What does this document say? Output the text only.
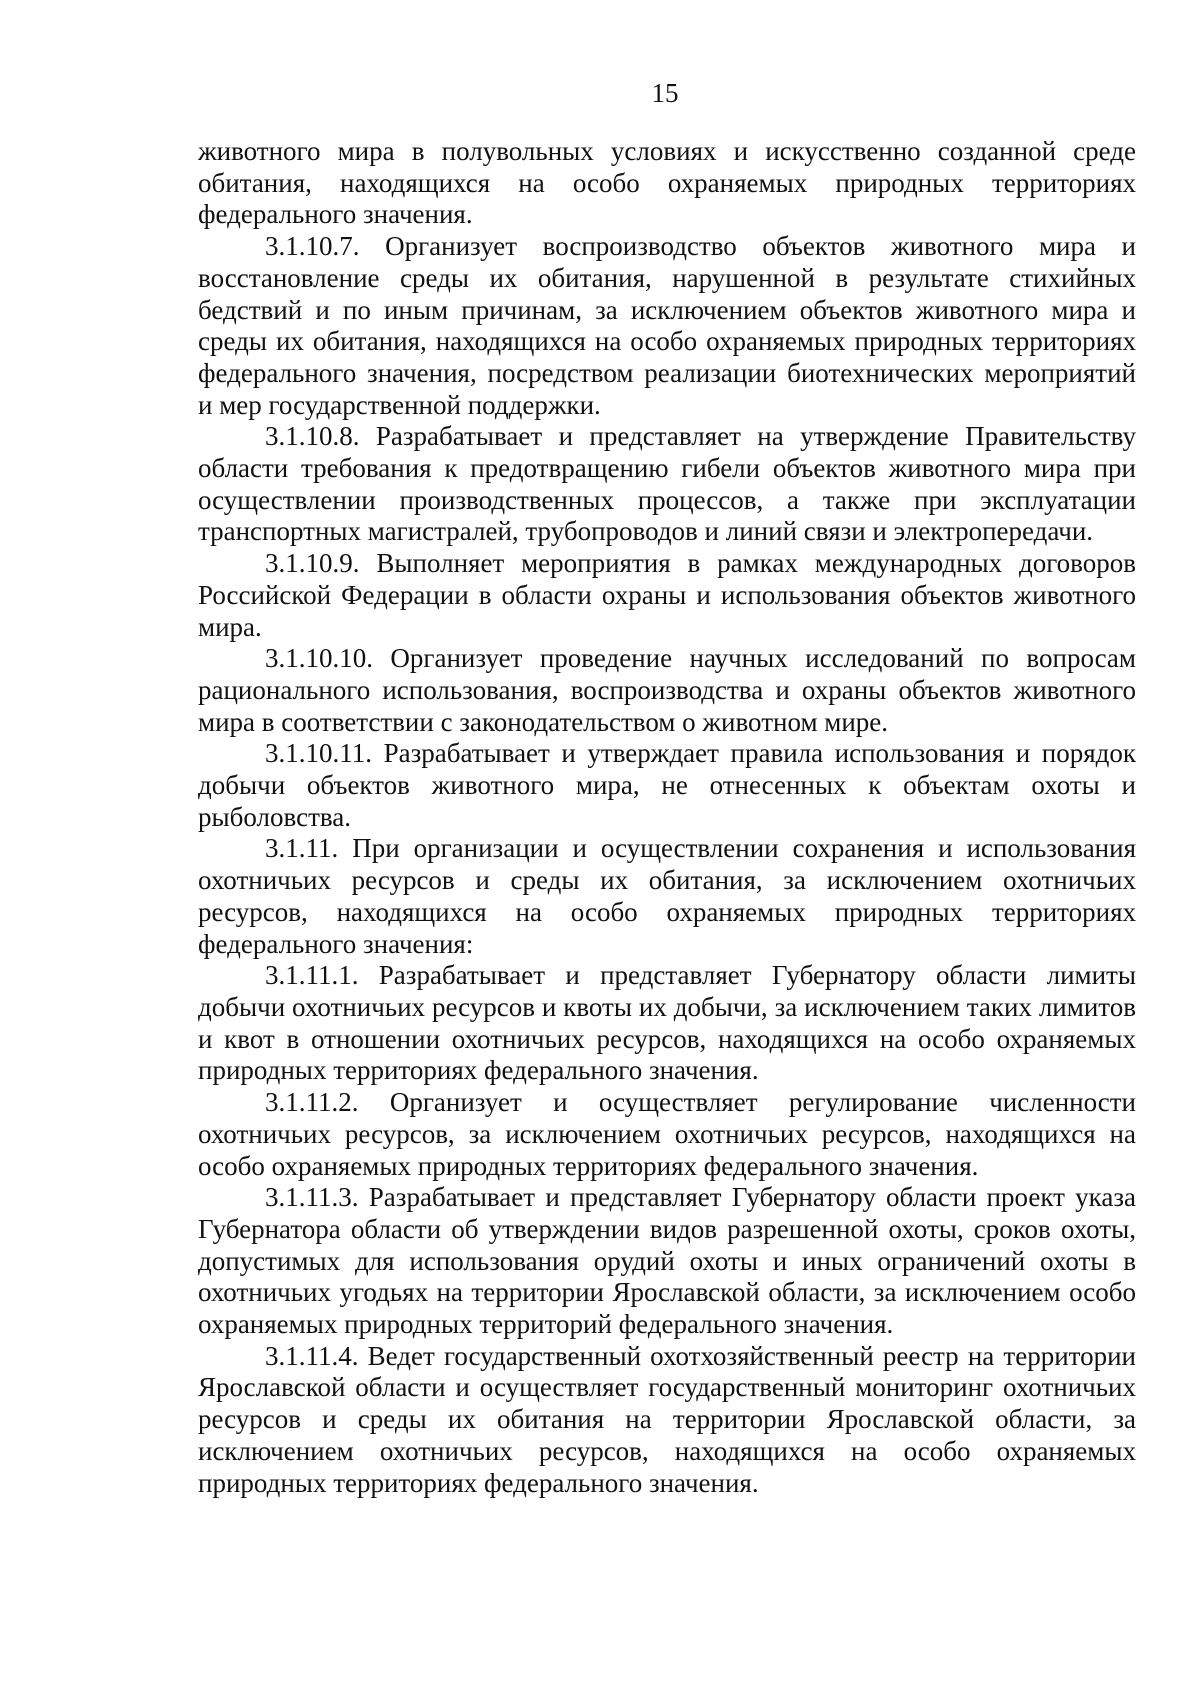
15

животного мира в полувольных условиях и искусственно созданной среде обитания, находящихся на особо охраняемых природных территориях федерального значения.

3.1.10.7. Организует воспроизводство объектов животного мира и восстановление среды их обитания, нарушенной в результате стихийных бедствий и по иным причинам, за исключением объектов животного мира и среды их обитания, находящихся на особо охраняемых природных территориях федерального значения, посредством реализации биотехнических мероприятий и мер государственной поддержки.

3.1.10.8. Разрабатывает и представляет на утверждение Правительству области требования к предотвращению гибели объектов животного мира при осуществлении производственных процессов, а также при эксплуатации транспортных магистралей, трубопроводов и линий связи и электропередачи.

3.1.10.9. Выполняет мероприятия в рамках международных договоров Российской Федерации в области охраны и использования объектов животного мира.

3.1.10.10. Организует проведение научных исследований по вопросам рационального использования, воспроизводства и охраны объектов животного мира в соответствии с законодательством о животном мире.

3.1.10.11. Разрабатывает и утверждает правила использования и порядок добычи объектов животного мира, не отнесенных к объектам охоты и рыболовства.

3.1.11. При организации и осуществлении сохранения и использования охотничьих ресурсов и среды их обитания, за исключением охотничьих ресурсов, находящихся на особо охраняемых природных территориях федерального значения:

3.1.11.1. Разрабатывает и представляет Губернатору области лимиты добычи охотничьих ресурсов и квоты их добычи, за исключением таких лимитов и квот в отношении охотничьих ресурсов, находящихся на особо охраняемых природных территориях федерального значения.

3.1.11.2. Организует и осуществляет регулирование численности охотничьих ресурсов, за исключением охотничьих ресурсов, находящихся на особо охраняемых природных территориях федерального значения.

3.1.11.3. Разрабатывает и представляет Губернатору области проект указа Губернатора области об утверждении видов разрешенной охоты, сроков охоты, допустимых для использования орудий охоты и иных ограничений охоты в охотничьих угодьях на территории Ярославской области, за исключением особо охраняемых природных территорий федерального значения.

3.1.11.4. Ведет государственный охотхозяйственный реестр на территории Ярославской области и осуществляет государственный мониторинг охотничьих ресурсов и среды их обитания на территории Ярославской области, за исключением охотничьих ресурсов, находящихся на особо охраняемых природных территориях федерального значения.
